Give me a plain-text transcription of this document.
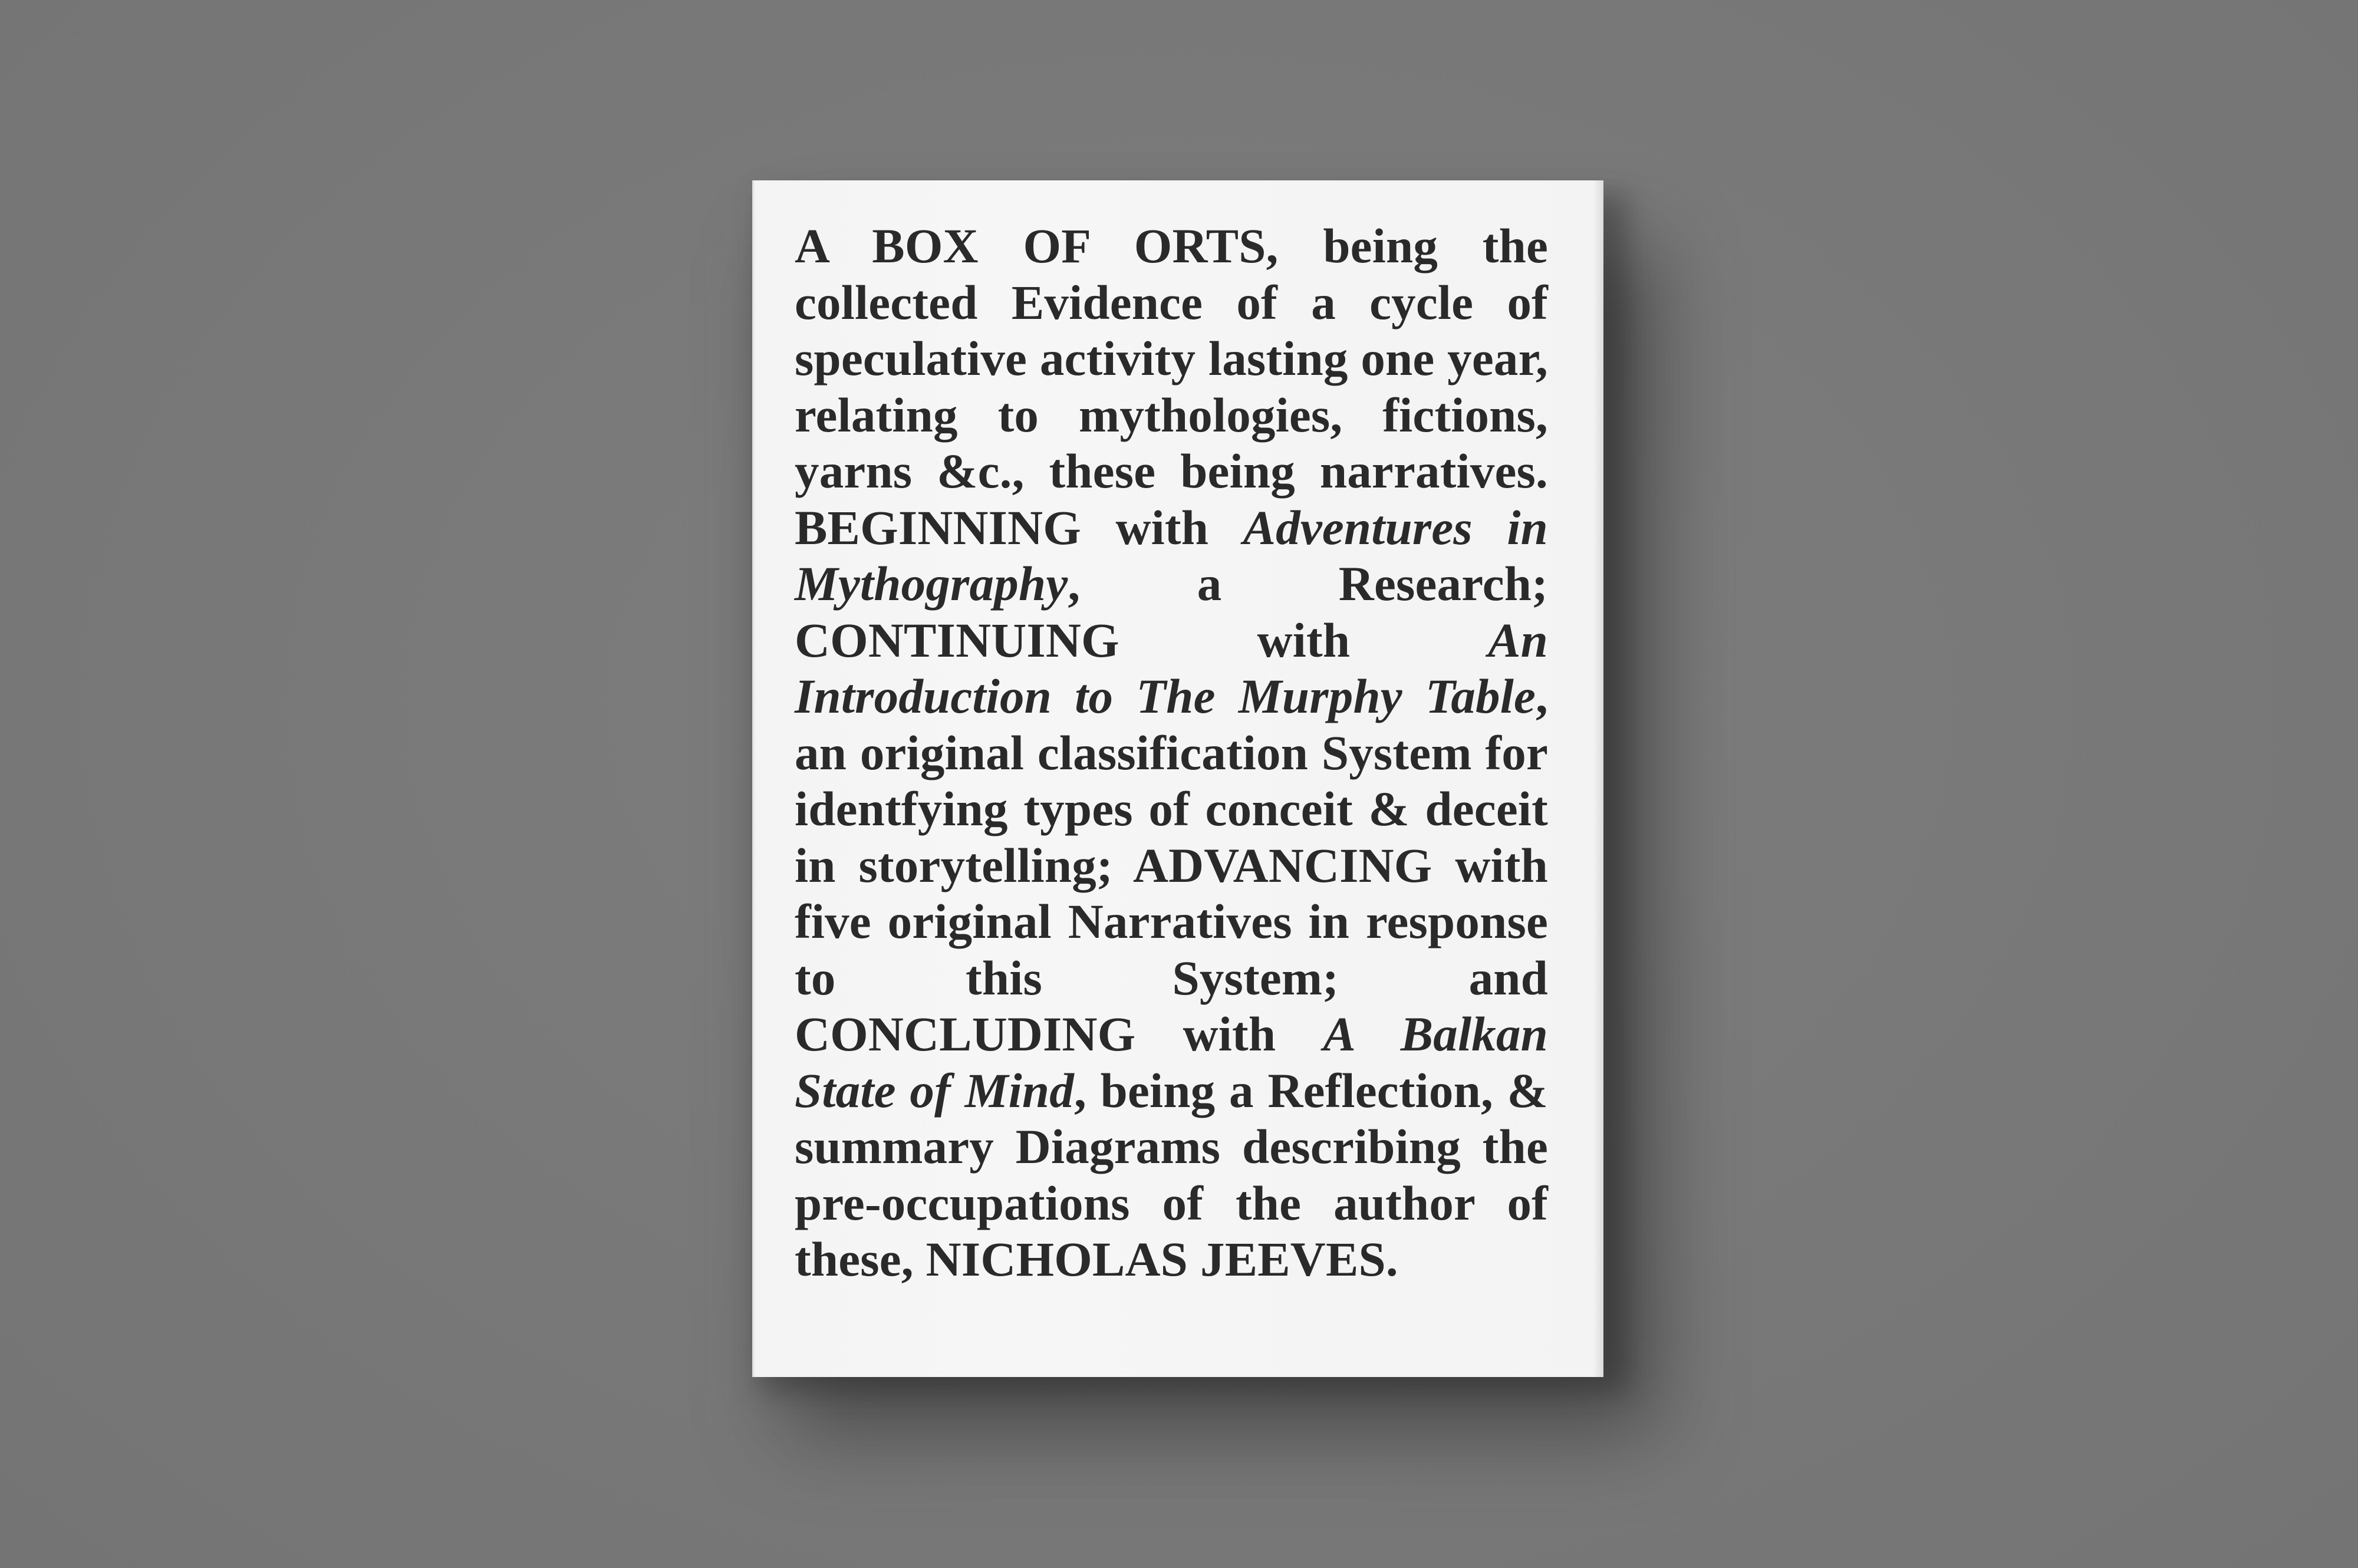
A BOX OF ORTS, being the collected Evidence of a cycle of speculative activity lasting one year, relating to mythologies, fictions, yarns &c., these being narratives. BEGINNING with Adventures in Mythography, a Research; CONTINUING with An Introduction to The Murphy Table, an original classification System for identfying types of conceit & deceit in storytelling; ADVANCING with five original Narratives in response to this System; and CONCLUDING with A Balkan State of Mind, being a Reflection, & summary Diagrams describing the pre-occupations of the author of these, NICHOLAS JEEVES.
